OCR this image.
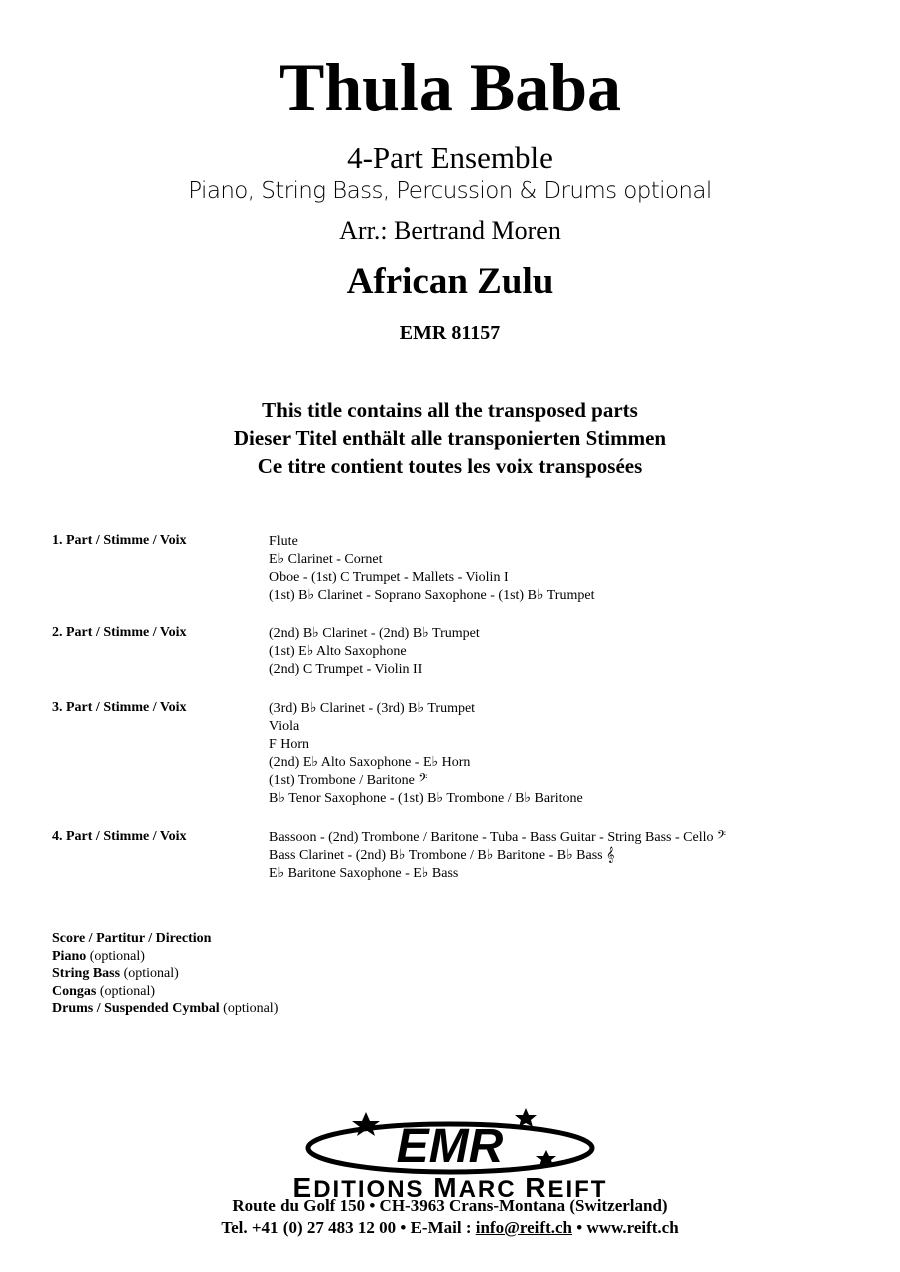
Thula Baba
4-Part Ensemble
Piano, String Bass, Percussion & Drums optional
Arr.: Bertrand Moren
African Zulu
EMR 81157
This title contains all the transposed parts
Dieser Titel enthält alle transponierten Stimmen
Ce titre contient toutes les voix transposées
1. Part / Stimme / Voix	Flute
E♭ Clarinet - Cornet
Oboe - (1st) C Trumpet - Mallets - Violin I
(1st) B♭ Clarinet - Soprano Saxophone - (1st) B♭ Trumpet
2. Part / Stimme / Voix	(2nd) B♭ Clarinet - (2nd) B♭ Trumpet
(1st) E♭ Alto Saxophone
(2nd) C Trumpet - Violin II
3. Part / Stimme / Voix	(3rd) B♭ Clarinet - (3rd) B♭ Trumpet
Viola
F Horn
(2nd) E♭ Alto Saxophone - E♭ Horn
(1st) Trombone / Baritone 𝄢
B♭ Tenor Saxophone - (1st) B♭ Trombone / B♭ Baritone
4. Part / Stimme / Voix	Bassoon - (2nd) Trombone / Baritone - Tuba - Bass Guitar - String Bass - Cello 𝄢
Bass Clarinet - (2nd) B♭ Trombone / B♭ Baritone - B♭ Bass 𝄞
E♭ Baritone Saxophone - E♭ Bass
Score / Partitur / Direction
Piano (optional)
String Bass (optional)
Congas (optional)
Drums / Suspended Cymbal (optional)
EMR
EDITIONS MARC REIFT
Route du Golf 150 • CH-3963 Crans-Montana (Switzerland)
Tel. +41 (0) 27 483 12 00 • E-Mail : info@reift.ch • www.reift.ch
